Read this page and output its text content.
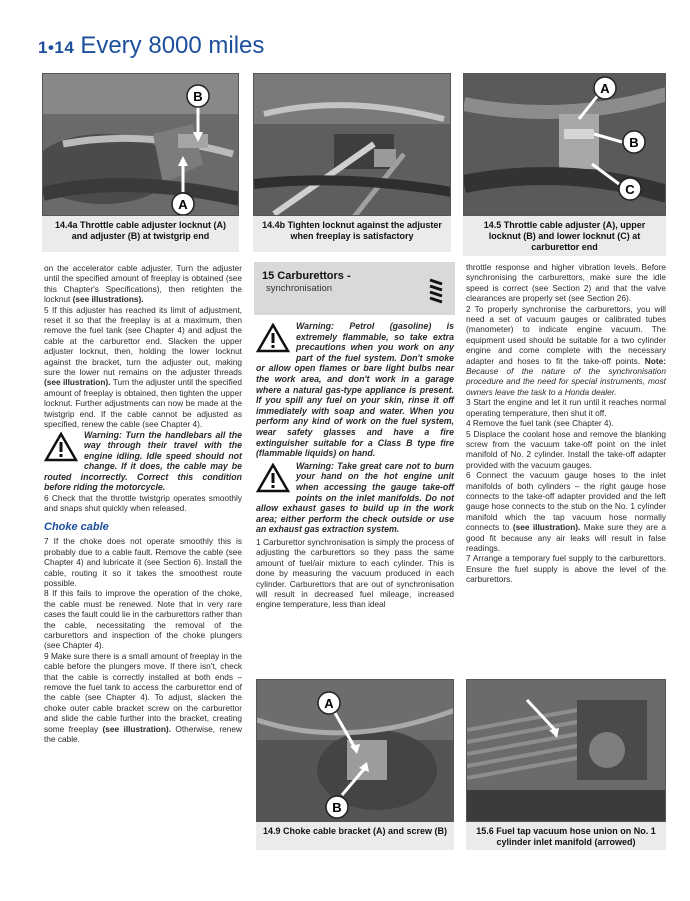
1•14 Every 8000 miles
B
A
14.4a Throttle cable adjuster locknut (A) and adjuster (B) at twistgrip end
14.4b Tighten locknut against the adjuster when freeplay is satisfactory
A
B
C
14.5 Throttle cable adjuster (A), upper locknut (B) and lower locknut (C) at carburettor end

on the accelerator cable adjuster. Turn the adjuster until the specified amount of freeplay is obtained (see this Chapter's Specifications), then retighten the locknut (see illustrations).

5 If this adjuster has reached its limit of adjustment, reset it so that the freeplay is at a maximum, then remove the fuel tank (see Chapter 4) and adjust the cable at the carburettor end. Slacken the upper adjuster locknut, then, holding the lower locknut against the bracket, turn the adjuster out, making sure the lower nut remains on the adjuster threads (see illustration). Turn the adjuster until the specified amount of freeplay is obtained, then tighten the upper locknut. Further adjustments can now be made at the twistgrip end. If the cable cannot be adjusted as specified, renew the cable (see Chapter 4).

Warning: Turn the handlebars all the way through their travel with the engine idling. Idle speed should not change. If it does, the cable may be routed incorrectly. Correct this condition before riding the motorcycle.

6 Check that the throttle twistgrip operates smoothly and snaps shut quickly when released.

Choke cable

7 If the choke does not operate smoothly this is probably due to a cable fault. Remove the cable (see Chapter 4) and lubricate it (see Section 6). Install the cable, routing it so it takes the smoothest route possible.

8 If this fails to improve the operation of the choke, the cable must be renewed. Note that in very rare cases the fault could lie in the carburettors rather than the cable, necessitating the removal of the carburettors and inspection of the choke plungers (see Chapter 4).

9 Make sure there is a small amount of freeplay in the cable before the plungers move. If there isn't, check that the cable is correctly installed at both ends – remove the fuel tank to access the carburettor end of the cable (see Chapter 4). To adjust, slacken the choke outer cable bracket screw on the carburettor and slide the cable further into the bracket, creating some freeplay (see illustration). Otherwise, renew the cable.

15 Carburettors -
synchronisation

Warning: Petrol (gasoline) is extremely flammable, so take extra precautions when you work on any part of the fuel system. Don't smoke or allow open flames or bare light bulbs near the work area, and don't work in a garage where a natural gas-type appliance is present. If you spill any fuel on your skin, rinse it off immediately with soap and water. When you perform any kind of work on the fuel system, wear safety glasses and have a fire extinguisher suitable for a Class B type fire (flammable liquids) on hand.

Warning: Take great care not to burn your hand on the hot engine unit when accessing the gauge take-off points on the inlet manifolds. Do not allow exhaust gases to build up in the work area; either perform the check outside or use an exhaust gas extraction system.

1 Carburettor synchronisation is simply the process of adjusting the carburettors so they pass the same amount of fuel/air mixture to each cylinder. This is done by measuring the vacuum produced in each cylinder. Carburettors that are out of synchronisation will result in decreased fuel mileage, increased engine temperature, less than ideal

throttle response and higher vibration levels. Before synchronising the carburettors, make sure the idle speed is correct (see Section 2) and that the valve clearances are properly set (see Section 26).

2 To properly synchronise the carburettors, you will need a set of vacuum gauges or calibrated tubes (manometer) to indicate engine vacuum. The equipment used should be suitable for a two cylinder engine and come complete with the necessary adapter and hoses to fit the take-off points. Note: Because of the nature of the synchronisation procedure and the need for special instruments, most owners leave the task to a Honda dealer.

3 Start the engine and let it run until it reaches normal operating temperature, then shut it off.

4 Remove the fuel tank (see Chapter 4).

5 Displace the coolant hose and remove the blanking screw from the vacuum take-off point on the inlet manifold of No. 2 cylinder. Install the take-off adapter provided with the vacuum gauges.

6 Connect the vacuum gauge hoses to the inlet manifolds of both cylinders – the right gauge hose connects to the take-off adapter provided and the left gauge hose connects to the stub on the No. 1 cylinder manifold which the tap vacuum hose normally connects to (see illustration). Make sure they are a good fit because any air leaks will result in false readings.

7 Arrange a temporary fuel supply to the carburettors. Ensure the fuel supply is above the level of the carburettors.

A
B
14.9 Choke cable bracket (A) and screw (B)	15.6 Fuel tap vacuum hose union on No. 1 cylinder inlet manifold (arrowed)
